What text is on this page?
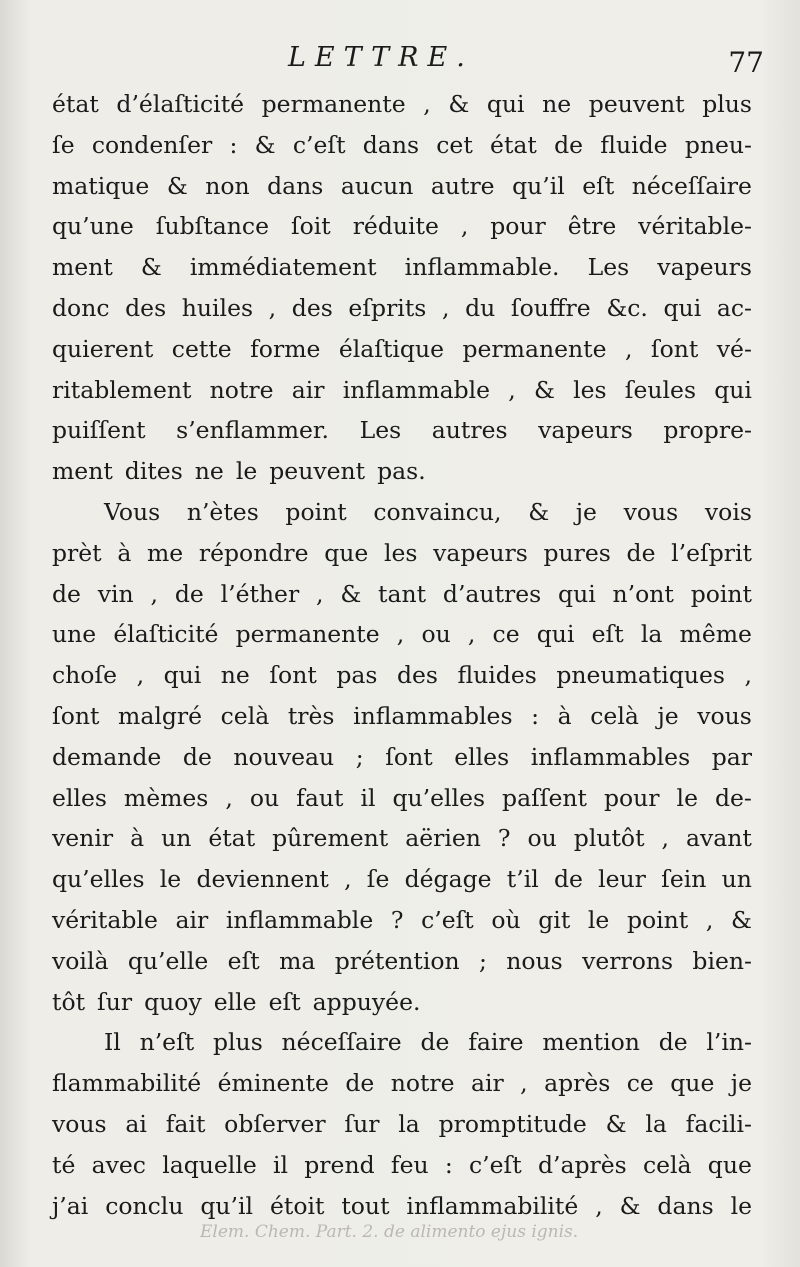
LETTRE.	77
état d’élaſticité permanente , & qui ne peuvent plus
ſe condenſer : & c’eſt dans cet état de fluide pneu-
matique & non dans aucun autre qu’il eſt néceſſaire
qu’une ſubſtance ſoit réduite , pour être véritable-
ment & immédiatement inflammable. Les vapeurs
donc des huiles , des eſprits , du ſouffre &c. qui ac-
quierent cette forme élaſtique permanente , ſont vé-
ritablement notre air inflammable , & les ſeules qui
puiſſent s’enflammer. Les autres vapeurs propre-
ment dites ne le peuvent pas.
Vous n’ètes point convaincu, & je vous vois
prèt à me répondre que les vapeurs pures de l’eſprit
de vin , de l’éther , & tant d’autres qui n’ont point
une élaſticité permanente , ou , ce qui eſt la même
choſe , qui ne ſont pas des fluides pneumatiques ,
ſont malgré celà très inflammables : à celà je vous
demande de nouveau ; ſont elles inflammables par
elles mèmes , ou faut il qu’elles paſſent pour le de-
venir à un état pûrement aërien ? ou plutôt , avant
qu’elles le deviennent , ſe dégage t’il de leur ſein un
véritable air inflammable ? c’eſt où git le point , &
voilà qu’elle eſt ma prétention ; nous verrons bien-
tôt ſur quoy elle eſt appuyée.
Il n’eſt plus néceſſaire de faire mention de l’in-
flammabilité éminente de notre air , après ce que je
vous ai fait obſerver ſur la promptitude & la facili-
té avec laquelle il prend feu : c’eſt d’après celà que
j’ai conclu qu’il étoit tout inflammabilité , & dans le
Elem. Chem. Part. 2. de alimento ejus ignis.
